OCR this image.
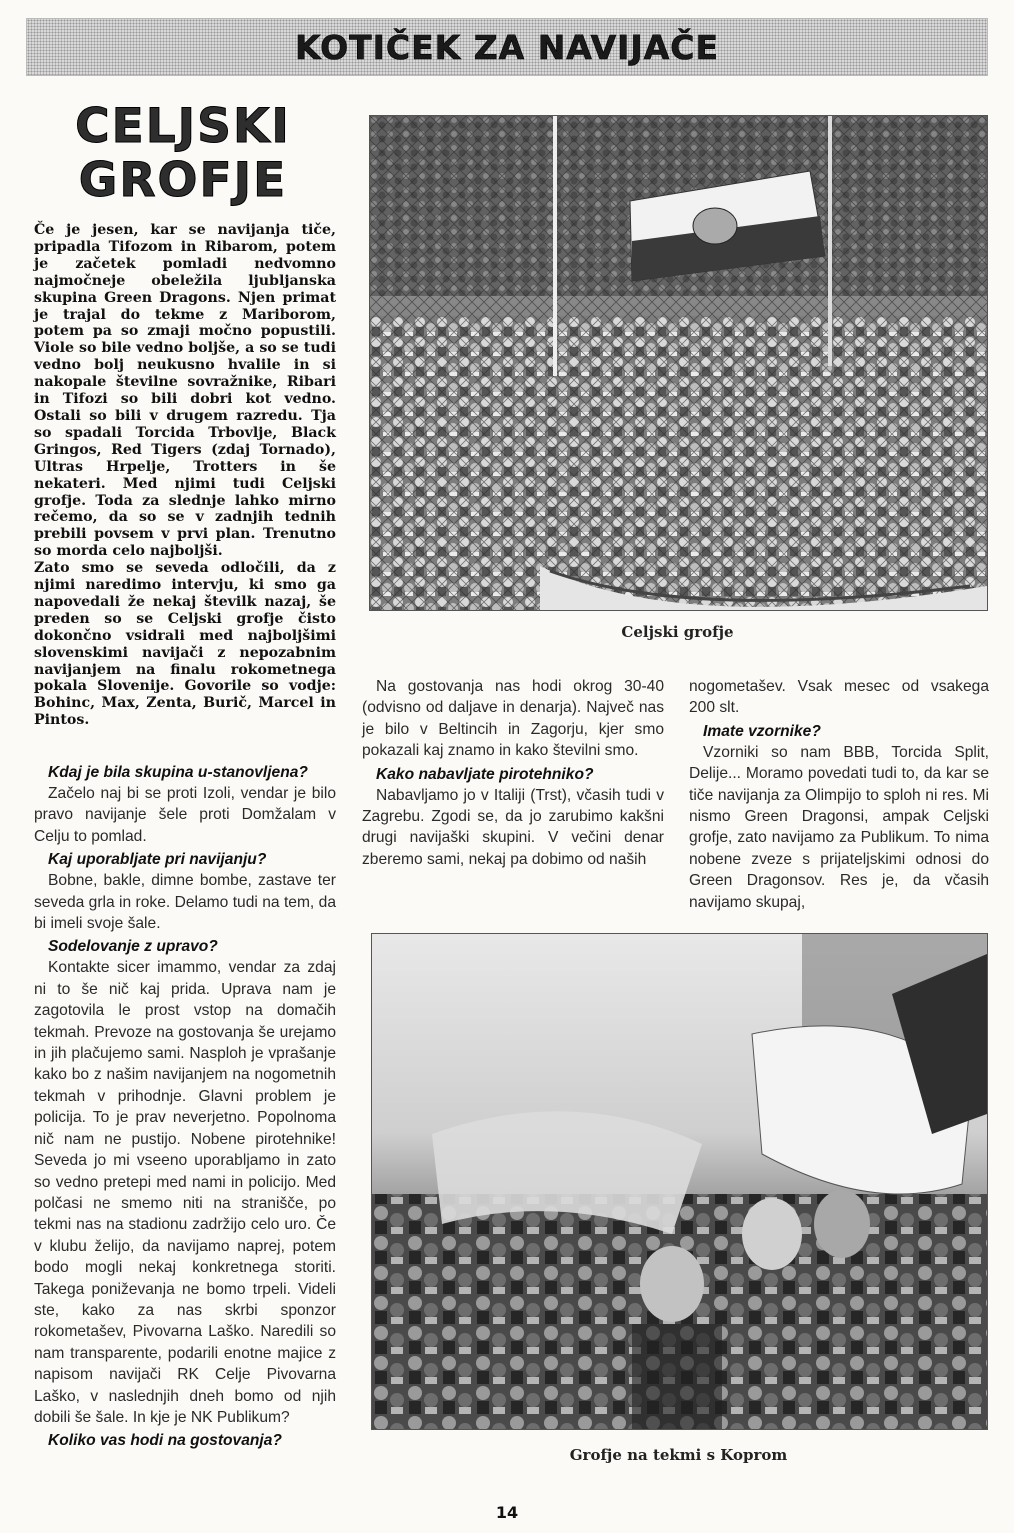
KOTIČEK ZA NAVIJAČE
CELJSKI
GROFJE

Če je jesen, kar se navijanja tiče, pripadla Tifozom in Ribarom, potem je začetek pomladi nedvomno najmočneje obeležila ljubljanska skupina Green Dragons. Njen primat je trajal do tekme z Mariborom, potem pa so zmaji močno popustili. Viole so bile vedno boljše, a so se tudi vedno bolj neukusno hvalile in si nakopale številne sovražnike, Ribari in Tifozi so bili dobri kot vedno. Ostali so bili v drugem razredu. Tja so spadali Torcida Trbovlje, Black Gringos, Red Tigers (zdaj Tornado), Ultras Hrpelje, Trotters in še nekateri. Med njimi tudi Celjski grofje. Toda za slednje lahko mirno rečemo, da so se v zadnjih tednih prebili povsem v prvi plan. Trenutno so morda celo najboljši.

Zato smo se seveda odločili, da z njimi naredimo intervju, ki smo ga napovedali že nekaj številk nazaj, še preden so se Celjski grofje čisto dokončno vsidrali med najboljšimi slovenskimi navijači z nepozabnim navijanjem na finalu rokometnega pokala Slovenije. Govorile so vodje: Bohinc, Max, Zenta, Burič, Marcel in Pintos.

Kdaj je bila skupina u-stanovljena?

Začelo naj bi se proti Izoli, vendar je bilo pravo navijanje šele proti Domžalam v Celju to pomlad.

Kaj uporabljate pri navijanju?

Bobne, bakle, dimne bombe, zastave ter seveda grla in roke. Delamo tudi na tem, da bi imeli svoje šale.

Sodelovanje z upravo?

Kontakte sicer imammo, vendar za zdaj ni to še nič kaj prida. Uprava nam je zagotovila le prost vstop na domačih tekmah. Prevoze na gostovanja še urejamo in jih plačujemo sami. Nasploh je vprašanje kako bo z našim navijanjem na nogometnih tekmah v prihodnje. Glavni problem je policija. To je prav neverjetno. Popolnoma nič nam ne pustijo. Nobene pirotehnike! Seveda jo mi vseeno uporabljamo in zato so vedno pretepi med nami in policijo. Med polčasi ne smemo niti na stranišče, po tekmi nas na stadionu zadržijo celo uro. Če v klubu želijo, da navijamo naprej, potem bodo mogli nekaj konkretnega storiti. Takega poniževanja ne bomo trpeli. Videli ste, kako za nas skrbi sponzor rokometašev, Pivovarna Laško. Naredili so nam transparente, podarili enotne majice z napisom navijači RK Celje Pivovarna Laško, v naslednjih dneh bomo od njih dobili še šale. In kje je NK Publikum?

Koliko vas hodi na gostovanja?

Na gostovanja nas hodi okrog 30-40 (odvisno od daljave in denarja). Največ nas je bilo v Beltincih in Zagorju, kjer smo pokazali kaj znamo in kako številni smo.

Kako nabavljate pirotehniko?

Nabavljamo jo v Italiji (Trst), včasih tudi v Zagrebu. Zgodi se, da jo zarubimo kakšni drugi navijaški skupini. V večini denar zberemo sami, nekaj pa dobimo od naših

nogometašev. Vsak mesec od vsakega 200 slt.

Imate vzornike?

Vzorniki so nam BBB, Torcida Split, Delije... Moramo povedati tudi to, da kar se tiče navijanja za Olimpijo to sploh ni res. Mi nismo Green Dragonsi, ampak Celjski grofje, zato navijamo za Publikum. To nima nobene zveze s prijateljskimi odnosi do Green Dragonsov. Res je, da včasih navijamo skupaj,

Celjski grofje
Grofje na tekmi s Koprom
14
